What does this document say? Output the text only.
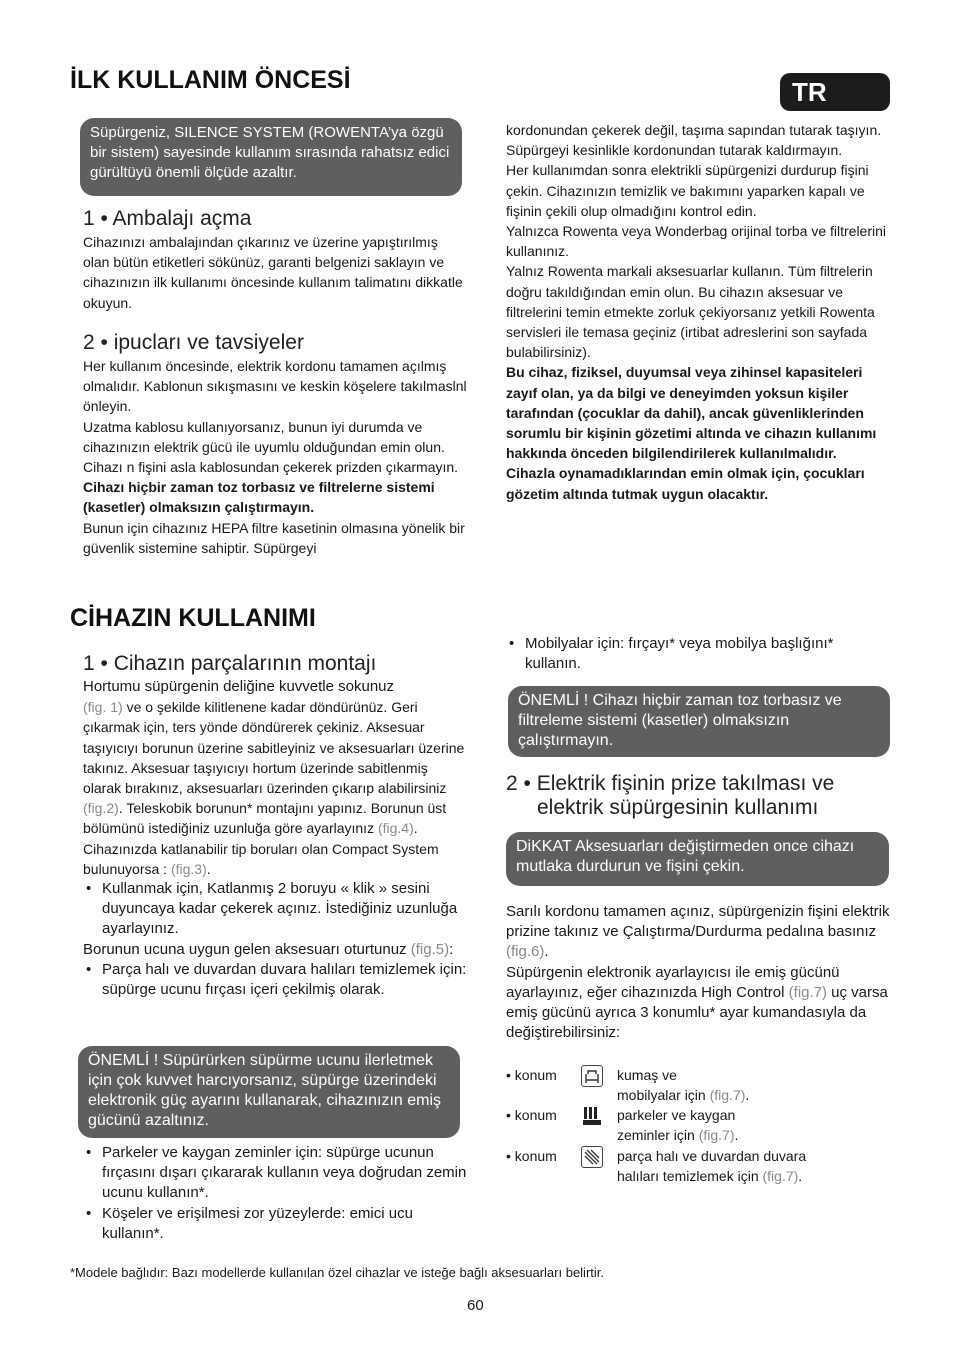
İLK KULLANIM ÖNCESİ	TR
Süpürgeniz, SILENCE SYSTEM (ROWENTA’ya özgü bir sistem) sayesinde kullanım sırasında rahatsız edici gürültüyü önemli ölçüde azaltır.
1 • Ambalajı açma

Cihazınızı ambalajından çıkarınız ve üzerine yapıştırılmış olan bütün etiketleri sökünüz, garanti belgenizi saklayın ve cihazınızın ilk kullanımı öncesinde kullanım talimatını dikkatle okuyun.

2 • ipucları ve tavsiyeler

Her kullanım öncesinde, elektrik kordonu tamamen açılmış olmalıdır. Kablonun sıkışmasını ve keskin köşelere takılmaslnl önleyin.

Uzatma kablosu kullanıyorsanız, bunun iyi durumda ve cihazınızın elektrik gücü ile uyumlu olduğundan emin olun. Cihazı n fişini asla kablosundan çekerek prizden çıkarmayın. Cihazı hiçbir zaman toz torbasız ve filtrelerne sistemi (kasetler) olmaksızın çalıştırmayın.

Bunun için cihazınız HEPA filtre kasetinin olmasına yönelik bir güvenlik sistemine sahiptir. Süpürgeyi

kordonundan çekerek değil, taşıma sapından tutarak taşıyın. Süpürgeyi kesinlikle kordonundan tutarak kaldırmayın.

Her kullanımdan sonra elektrikli süpürgenizi durdurup fişini çekin. Cihazınızın temizlik ve bakımını yaparken kapalı ve fişinin çekili olup olmadığını kontrol edin.

Yalnızca Rowenta veya Wonderbag orijinal torba ve filtrelerini kullanınız.

Yalnız Rowenta markali aksesuarlar kullanın. Tüm filtrelerin doğru takıldığından emin olun. Bu cihazın aksesuar ve filtrelerini temin etmekte zorluk çekiyorsanız yetkili Rowenta servisleri ile temasa geçiniz (irtibat adreslerini son sayfada bulabilirsiniz).

Bu cihaz, fiziksel, duyumsal veya zihinsel kapasiteleri zayıf olan, ya da bilgi ve deneyimden yoksun kişiler tarafından (çocuklar da dahil), ancak güvenliklerinden sorumlu bir kişinin gözetimi altında ve cihazın kullanımı hakkında önceden bilgilendirilerek kullanılmalıdır.

Cihazla oynamadıklarından emin olmak için, çocukları gözetim altında tutmak uygun olacaktır.

CİHAZIN KULLANIMI
1 • Cihazın parçalarının montajı

Hortumu süpürgenin deliğine kuvvetle sokunuz

(fig. 1) ve o şekilde kilitlenene kadar döndürünüz. Geri çıkarmak için, ters yönde döndürerek çekiniz. Aksesuar taşıyıcıyı borunun üzerine sabitleyiniz ve aksesuarları üzerine takınız. Aksesuar taşıyıcıyı hortum üzerinde sabitlenmiş olarak bırakınız, aksesuarları üzerinden çıkarıp alabilirsiniz (fig.2). Teleskobik borunun* montajını yapınız. Borunun üst bölümünü istediğiniz uzunluğa göre ayarlayınız (fig.4). Cihazınızda katlanabilir tip boruları olan Compact System bulunuyorsa : (fig.3).

• Kullanmak için, Katlanmış 2 boruyu « klik » sesini duyuncaya kadar çekerek açınız. İstediğiniz uzunluğa ayarlayınız.

Borunun ucuna uygun gelen aksesuarı oturtunuz (fig.5):

• Parça halı ve duvardan duvara halıları temizlemek için: süpürge ucunu fırçası içeri çekilmiş olarak.
ÖNEMLİ ! Süpürürken süpürme ucunu ilerletmek için çok kuvvet harcıyorsanız, süpürge üzerindeki elektronik güç ayarını kullanarak, cihazınızın emiş gücünü azaltınız.
• Parkeler ve kaygan zeminler için: süpürge ucunun fırçasını dışarı çıkararak kullanın veya doğrudan zemin ucunu kullanın*.
• Köşeler ve erişilmesi zor yüzeylerde: emici ucu kullanın*.
• Mobilyalar için: fırçayı* veya mobilya başlığını* kullanın.
ÖNEMLİ ! Cihazı hiçbir zaman toz torbasız ve filtreleme sistemi (kasetler) olmaksızın çalıştırmayın.
2 • Elektrik fişinin prize takılması ve
elektrik süpürgesinin kullanımı
DiKKAT Aksesuarları değiştirmeden once cihazı mutlaka durdurun ve fişini çekin.

Sarılı kordonu tamamen açınız, süpürgenizin fişini elektrik prizine takınız ve Çalıştırma/Durdurma pedalına basınız (fig.6).

Süpürgenin elektronik ayarlayıcısı ile emiş gücünü ayarlayınız, eğer cihazınızda High Control (fig.7) uç varsa emiş gücünü ayrıca 3 konumlu* ayar kumandasıyla da değiştirebilirsiniz:

• konum	kumaş ve
mobilyalar için (fig.7).
• konum	parkeler ve kaygan
zeminler için (fig.7).
• konum	parça halı ve duvardan duvara
halıları temizlemek için (fig.7).
*Modele bağlıdır: Bazı modellerde kullanılan özel cihazlar ve isteğe bağlı aksesuarları belirtir.
60
